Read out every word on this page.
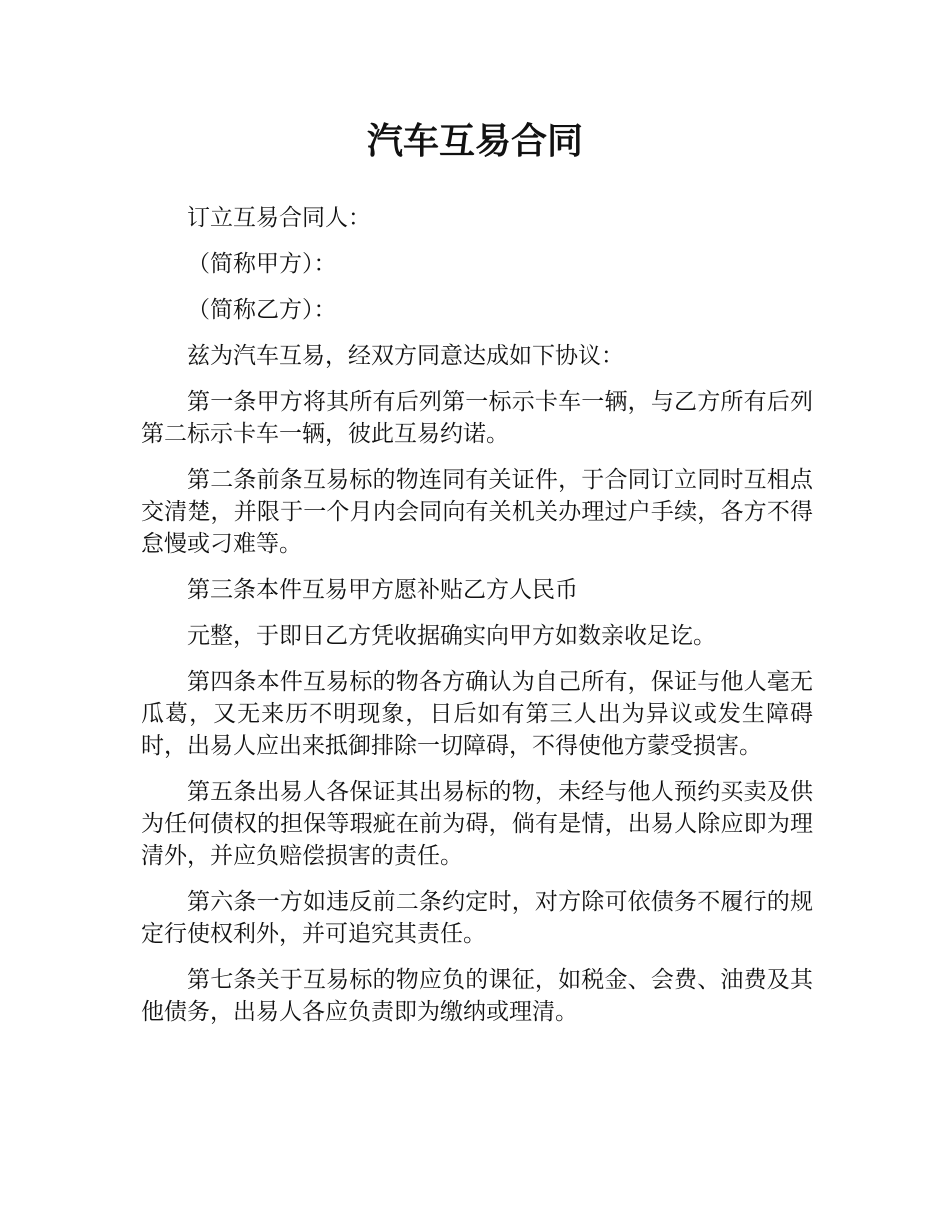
汽车互易合同

订立互易合同人：

（简称甲方）：

（简称乙方）：

兹为汽车互易，经双方同意达成如下协议：

第一条甲方将其所有后列第一标示卡车一辆，与乙方所有后列第二标示卡车一辆，彼此互易约诺。

第二条前条互易标的物连同有关证件，于合同订立同时互相点交清楚，并限于一个月内会同向有关机关办理过户手续，各方不得怠慢或刁难等。

第三条本件互易甲方愿补贴乙方人民币

元整，于即日乙方凭收据确实向甲方如数亲收足讫。

第四条本件互易标的物各方确认为自己所有，保证与他人毫无瓜葛，又无来历不明现象，日后如有第三人出为异议或发生障碍时，出易人应出来抵御排除一切障碍，不得使他方蒙受损害。

第五条出易人各保证其出易标的物，未经与他人预约买卖及供为任何债权的担保等瑕疵在前为碍，倘有是情，出易人除应即为理清外，并应负赔偿损害的责任。

第六条一方如违反前二条约定时，对方除可依债务不履行的规定行使权利外，并可追究其责任。

第七条关于互易标的物应负的课征，如税金、会费、油费及其他债务，出易人各应负责即为缴纳或理清。
